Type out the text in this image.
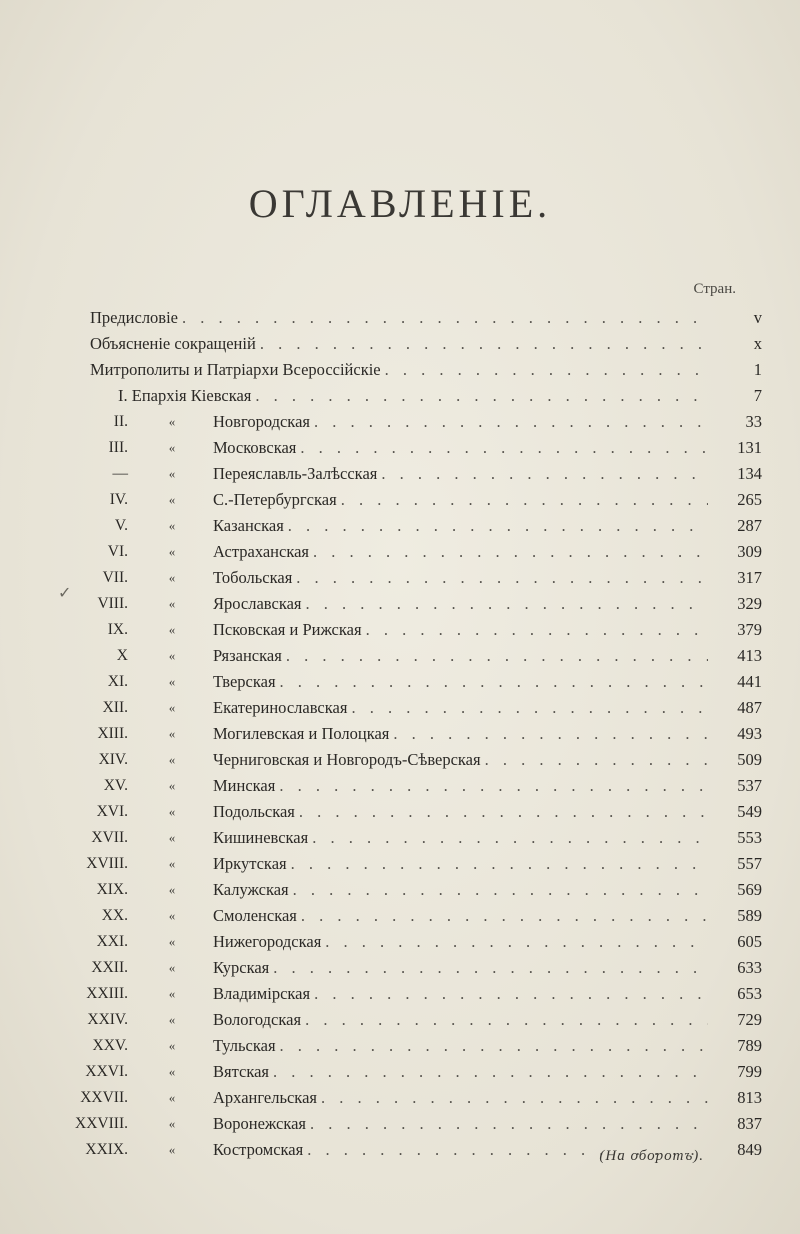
ОГЛАВЛЕНІЕ.
Стран.
Предисловіе . . .	v
Объясненіе сокращеній . . .	x
Митрополиты и Патріархи Всероссійскіе . . .	1
I. Епархія Кіевская . . .	7
II.	«	Новгородская . . .	33
III.	«	Московская . . .	131
—	«	Переяславль-Залѣсская . . .	134
IV.	«	С.-Петербургская . . .	265
V.	«	Казанская . . .	287
VI.	«	Астраханская . . .	309
VII.	«	Тобольская . . .	317
VIII.	«	Ярославская . . .	329
IX.	«	Псковская и Рижская . . .	379
X	«	Рязанская . . .	413
XI.	«	Тверская . . .	441
XII.	«	Екатеринославская . . .	487
XIII.	«	Могилевская и Полоцкая . . .	493
XIV.	«	Черниговская и Новгородъ-Сѣверская . . .	509
XV.	«	Минская . . .	537
XVI.	«	Подольская . . .	549
XVII.	«	Кишиневская . . .	553
XVIII.	«	Иркутская . . .	557
XIX.	«	Калужская . . .	569
XX.	«	Смоленская . . .	589
XXI.	«	Нижегородская . . .	605
XXII.	«	Курская . . .	633
XXIII.	«	Владимірская . . .	653
XXIV.	«	Вологодская . . .	729
XXV.	«	Тульская . . .	789
XXVI.	«	Вятская . . .	799
XXVII.	«	Архангельская . . .	813
XXVIII.	«	Воронежская . . .	837
XXIX.	«	Костромская . . .	849
✓
(На оборотъ).
